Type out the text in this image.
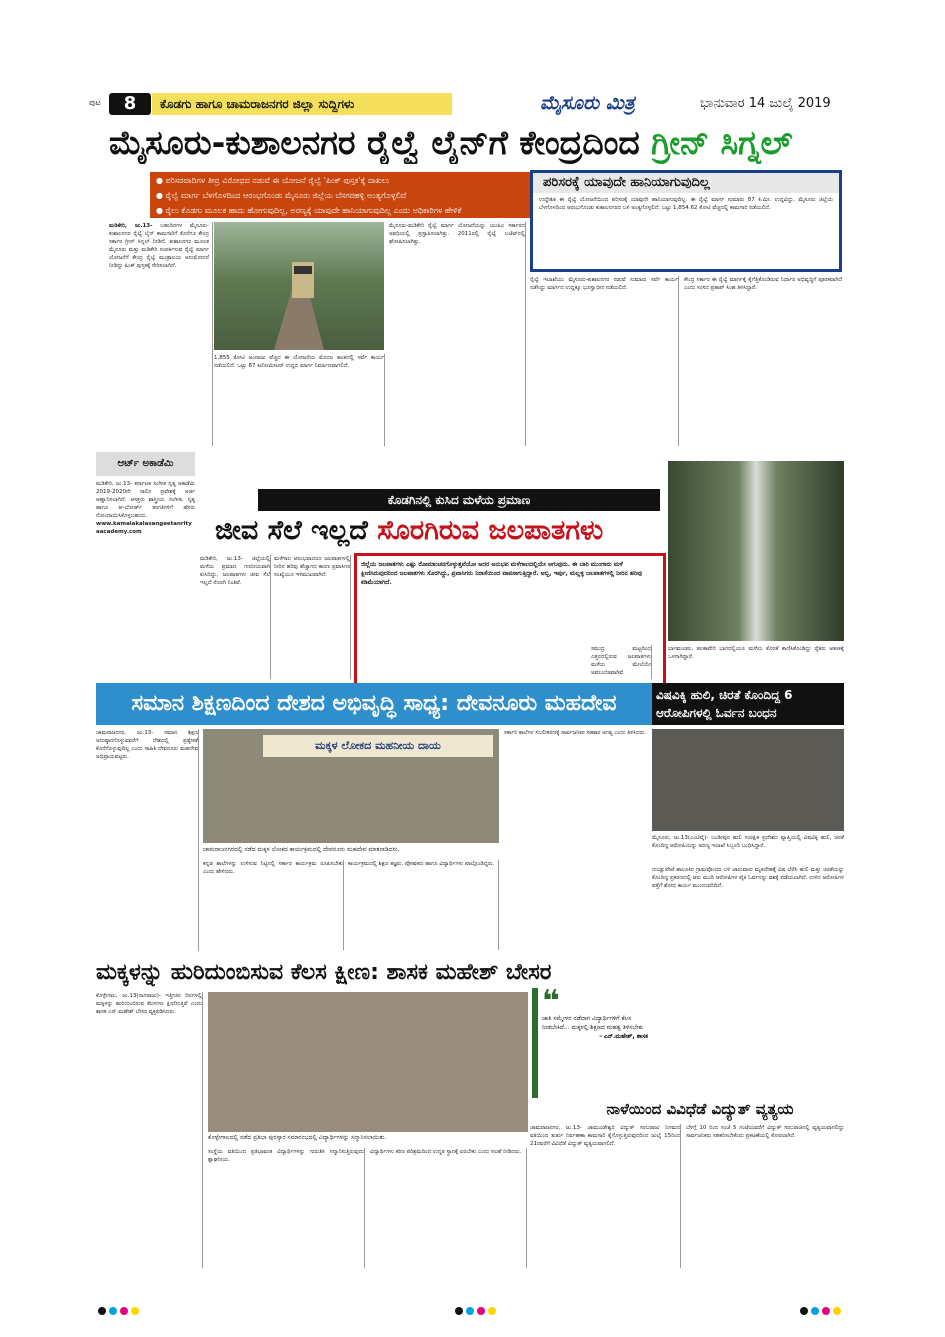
8
ಪುಟ	ಕೊಡಗು ಹಾಗೂ ಚಾಮರಾಜನಗರ ಜಿಲ್ಲಾ ಸುದ್ದಿಗಳು	ಮೈಸೂರು ಮಿತ್ರ	ಭಾನುವಾರ 14 ಜುಲೈ 2019
ಮೈಸೂರು-ಕುಶಾಲನಗರ ರೈಲ್ವೆ ಲೈನ್‌ಗೆ ಕೇಂದ್ರದಿಂದ ಗ್ರೀನ್ ಸಿಗ್ನಲ್
● ಪರಿಸರವಾದಿಗಳ ತೀವ್ರ ವಿರೋಧದ ನಡುವೆ ಈ ಯೋಜನೆ ರೈಲ್ವೆ 'ಪಿಂಕ್ ಪುಸ್ತಕ'ಕ್ಕೆ ದಾಖಲು
● ರೈಲ್ವೆ ಮಾರ್ಗ ಬೆಳಗೊಳದಿಂದ ಆರಂಭಗೊಂಡು ಮೈಸೂರು ಜಿಲ್ಲೆಯ ಬೆಸಗರಹಳ್ಳಿ ಅಂತ್ಯಗೊಳ್ಳಲಿದೆ
● ರೈಲು ಕೊಡಗು ಮೂಲಕ ಹಾದು ಹೋಗುವುದಿಲ್ಲ, ಅರಣ್ಯಕ್ಕೆ ಯಾವುದೇ ಹಾನಿಯಾಗುವುದಿಲ್ಲ ಎಂದು ಅಧಿಕಾರಿಗಳ ಹೇಳಿಕೆ
ಪರಿಸರಕ್ಕೆ ಯಾವುದೇ ಹಾನಿಯಾಗುವುದಿಲ್ಲ
ಉದ್ದೇಶಿತ ಈ ರೈಲ್ವೆ ಯೋಜನೆಯಿಂದ ಪರಿಸರಕ್ಕೆ ಯಾವುದೇ ಹಾನಿಯಾಗುವುದಿಲ್ಲ. ಈ ರೈಲ್ವೆ ಮಾರ್ಗ ಸುಮಾರು 87 ಕಿ.ಮೀ. ಉದ್ದವಿದ್ದು, ಮೈಸೂರು ಜಿಲ್ಲೆಯ ಬೆಳಗೊಳದಿಂದ ಆರಂಭಗೊಂಡು ಕುಶಾಲನಗರದ ಬಳಿ ಅಂತ್ಯಗೊಳ್ಳಲಿದೆ. ಒಟ್ಟು 1,854.62 ಕೋಟಿ ವೆಚ್ಚದಲ್ಲಿ ಕಾಮಗಾರಿ ನಡೆಯಲಿದೆ.
ಮಡಿಕೇರಿ, ಜು.13- ಬಹುದಿನಗಳ ಮೈಸೂರು-ಕುಶಾಲನಗರ ರೈಲ್ವೆ ಲೈನ್ ಕಾಮಗಾರಿಗೆ ಕೊನೆಗೂ ಕೇಂದ್ರ ಸರ್ಕಾರ ಗ್ರೀನ್ ಸಿಗ್ನಲ್ ನೀಡಿದೆ. ಕುಶಾಲನಗರ ಮೂಲಕ ಮೈಸೂರು ಮತ್ತು ಮಡಿಕೇರಿ ಸಂಪರ್ಕಿಸುವ ರೈಲ್ವೆ ಮಾರ್ಗ ಯೋಜನೆಗೆ ಕೇಂದ್ರ ರೈಲ್ವೆ ಮಂತ್ರಾಲಯ ಅನುಮೋದನೆ ನೀಡಿದ್ದು ಪಿಂಕ್ ಪುಸ್ತಕಕ್ಕೆ ಸೇರಿಸಲಾಗಿದೆ.
1,855 ಕೋಟಿ ಅಂದಾಜು ವೆಚ್ಚದ ಈ ಯೋಜನೆಯ ಮೊದಲ ಹಂತದಲ್ಲಿ ಸರ್ವೆ ಕಾರ್ಯ ನಡೆಯಲಿದೆ. ಒಟ್ಟು 87 ಕಿಲೋಮೀಟರ್ ಉದ್ದದ ಮಾರ್ಗ ನಿರ್ಮಾಣವಾಗಲಿದೆ.
ಮೈಸೂರು-ಮಡಿಕೇರಿ ರೈಲ್ವೆ ಮಾರ್ಗ ಯೋಜನೆಯನ್ನು ಯುಪಿಎ ಸರ್ಕಾರದ ಅವಧಿಯಲ್ಲಿ ಪ್ರಸ್ತಾಪಿಸಲಾಗಿತ್ತು. 2011ರಲ್ಲಿ ರೈಲ್ವೆ ಬಜೆಟ್‌ನಲ್ಲಿ ಘೋಷಿಸಲಾಗಿತ್ತು.
ರೈಲ್ವೆ ಇಲಾಖೆಯು ಮೈಸೂರು-ಕುಶಾಲನಗರ ನಡುವೆ ಸುಮಾರು ಸರ್ವೆ ಕಾರ್ಯ ನಡೆಸಿದ್ದು ಮಾರ್ಗದ ಉದ್ದಕ್ಕೂ ಭೂಸ್ವಾಧೀನ ನಡೆಯಲಿದೆ.
ಕೇಂದ್ರ ಸರ್ಕಾರ ಈ ರೈಲ್ವೆ ಮಾರ್ಗಕ್ಕೆ ಕೈಗೆತ್ತಿಕೊಂಡಿರುವ ನಿರ್ಧಾರ ಅಭಿವೃದ್ಧಿಗೆ ಪೂರಕವಾಗಿದೆ ಎಂದು ಸಂಸದ ಪ್ರತಾಪ್ ಸಿಂಹ ತಿಳಿಸಿದ್ದಾರೆ.
ಆರ್ಟ್ ಅಕಾಡೆಮಿ
ಮಡಿಕೇರಿ, ಜು.13- ಕರ್ನಾಟಕ ಸಂಗೀತ ನೃತ್ಯ ಅಕಾಡೆಮಿ 2019-2020ನೇ ಸಾಲಿನ ಪ್ರವೇಶಕ್ಕೆ ಅರ್ಜಿ ಆಹ್ವಾನಿಸಲಾಗಿದೆ. ಆಸಕ್ತರು ಶಾಸ್ತ್ರೀಯ ಸಂಗೀತ, ನೃತ್ಯ ಹಾಗೂ ಕೀ-ಬೋರ್ಡ್ ತರಗತಿಗಳಿಗೆ ಹೆಸರು ನೋಂದಾಯಿಸಿಕೊಳ್ಳಬಹುದು.
www.kamalakalasangeetanrityaacademy.com
ಕೊಡಗಿನಲ್ಲಿ ಕುಸಿದ ಮಳೆಯ ಪ್ರಮಾಣ
ಜೀವ ಸೆಲೆ ಇಲ್ಲದೆ ಸೊರಗಿರುವ ಜಲಪಾತಗಳು
ಜಿಲ್ಲೆಯ ಜಲಪಾತಗಳು ಎಷ್ಟು ರೋಮಾಂಚನಗೊಳ್ಳುತ್ತವೆಯೋ ಅದರ ಅನುಭವ ಮಳೆಗಾಲದಲ್ಲಿಯೇ ಆಗುವುದು. ಈ ಬಾರಿ ಮುಂಗಾರು ಮಳೆ ಕ್ಷೀಣಿಸಿರುವುದರಿಂದ ಜಲಪಾತಗಳು ಸೊರಗಿದ್ದು, ಪ್ರವಾಸಿಗರು ನಿರಾಸೆಯಿಂದ ವಾಪಸಾಗುತ್ತಿದ್ದಾರೆ. ಅಬ್ಬಿ, ಇರ್ಪು, ಮಲ್ಲಳ್ಳಿ ಜಲಪಾತಗಳಲ್ಲಿ ನೀರಿನ ಹರಿವು ಕಡಿಮೆಯಾಗಿದೆ.
ಮಡಿಕೇರಿ, ಜು.13- ಜಿಲ್ಲೆಯಲ್ಲಿ ಮಳೆಯ ಪ್ರಮಾಣ ಗಣನೀಯವಾಗಿ ಕುಸಿದಿದ್ದು, ಜಲಪಾತಗಳು ಜೀವ ಸೆಲೆ ಇಲ್ಲದೆ ಸೊರಗಿ ನಿಂತಿವೆ.
ಮಳೆಗಾಲ ಆರಂಭವಾದರೂ ಜಲಪಾತಗಳಲ್ಲಿ ನೀರಿನ ಹರಿವು ಹೆಚ್ಚಾಗದ ಕಾರಣ ಪ್ರವಾಸಿಗರ ಸಂಖ್ಯೆಯೂ ಇಳಿಮುಖವಾಗಿದೆ.
ಸಮುದ್ರ ಮಟ್ಟದಿಂದ ಎತ್ತರದಲ್ಲಿರುವ ಜಲಪಾತಗಳು ಮಳೆಯ ಮೇಲೆಯೇ ಅವಲಂಬಿತವಾಗಿವೆ.
ಭಾಗಮಂಡಲ, ತಲಕಾವೇರಿ ಭಾಗದಲ್ಲಿಯೂ ಮಳೆಯ ಕೊರತೆ ಕಾಣಿಸಿಕೊಂಡಿದ್ದು ರೈತರು ಆತಂಕಕ್ಕೆ ಒಳಗಾಗಿದ್ದಾರೆ.
ಸಮಾನ ಶಿಕ್ಷಣದಿಂದ ದೇಶದ ಅಭಿವೃದ್ಧಿ ಸಾಧ್ಯ: ದೇವನೂರು ಮಹದೇವ
ಚಾಮರಾಜನಗರ, ಜು.13- ಸಮಾನ ಶಿಕ್ಷಣ ಅನುಷ್ಠಾನಗೊಳ್ಳುವವರೆಗೆ ದೇಶದಲ್ಲಿ ಪ್ರತ್ಯೇಕತೆ ಕೊನೆಗೊಳ್ಳುವುದಿಲ್ಲ ಎಂದು ಸಾಹಿತಿ ದೇವನೂರು ಮಹದೇವ ಅಭಿಪ್ರಾಯಪಟ್ಟರು.
ಮಕ್ಕಳ ಲೋಕದ ಮಹನೀಯ ದಾಯ
ಚಾಮರಾಜನಗರದಲ್ಲಿ ನಡೆದ ಮಕ್ಕಳ ಲೋಕದ ಕಾರ್ಯಕ್ರಮದಲ್ಲಿ ದೇವನೂರು ಮಹದೇವ ಮಾತನಾಡಿದರು.
ಕನ್ನಡ ಶಾಲೆಗಳನ್ನು ಉಳಿಸುವ ನಿಟ್ಟಿನಲ್ಲಿ ಸರ್ಕಾರ ಕಾರ್ಯಕ್ರಮ ರೂಪಿಸಬೇಕು ಎಂದು ಹೇಳಿದರು.
ಕಾರ್ಯಕ್ರಮದಲ್ಲಿ ಶಿಕ್ಷಣ ತಜ್ಞರು, ಪೋಷಕರು ಹಾಗೂ ವಿದ್ಯಾರ್ಥಿಗಳು ಪಾಲ್ಗೊಂಡಿದ್ದರು.
ಸರ್ಕಾರಿ ಶಾಲೆಗಳ ಸಬಲೀಕರಣಕ್ಕೆ ಸಾರ್ವಜನಿಕರ ಸಹಕಾರ ಅಗತ್ಯ ಎಂದು ತಿಳಿಸಿದರು.
ವಿಷವಿಕ್ಕಿ ಹುಲಿ, ಚಿರತೆ ಕೊಂದಿದ್ದ 6 ಆರೋಪಿಗಳಲ್ಲಿ ಓರ್ವನ ಬಂಧನ
ಮೈಸೂರು, ಜು.13(ಎಂಟಿವೈ)- ಬಂಡೀಪುರ ಹುಲಿ ಸಂರಕ್ಷಿತ ಪ್ರದೇಶದ ವ್ಯಾಪ್ತಿಯಲ್ಲಿ ವಿಷವಿಕ್ಕಿ ಹುಲಿ, ಚಿರತೆ ಕೊಂದಿದ್ದ ಆರೋಪಿಯನ್ನು ಅರಣ್ಯ ಇಲಾಖೆ ಸಿಬ್ಬಂದಿ ಬಂಧಿಸಿದ್ದಾರೆ.
ಗುಂಡ್ಲುಪೇಟೆ ತಾಲೂಕಿನ ಗ್ರಾಮವೊಂದರ ಬಳಿ ಜಾನುವಾರು ಮೃತದೇಹಕ್ಕೆ ವಿಷ ಬೆರೆಸಿ ಹುಲಿ ಮತ್ತು ಚಿರತೆಯನ್ನು ಕೊಂದಿದ್ದ ಪ್ರಕರಣದಲ್ಲಿ ಆರು ಮಂದಿ ಆರೋಪಿಗಳ ಪೈಕಿ ಓರ್ವನನ್ನು ವಶಕ್ಕೆ ಪಡೆಯಲಾಗಿದೆ. ಉಳಿದ ಆರೋಪಿಗಳ ಪತ್ತೆಗೆ ಶೋಧ ಕಾರ್ಯ ಮುಂದುವರಿದಿದೆ.
ಮಕ್ಕಳನ್ನು ಹುರಿದುಂಬಿಸುವ ಕೆಲಸ ಕ್ಷೀಣ: ಶಾಸಕ ಮಹೇಶ್ ಬೇಸರ
ಕೊಳ್ಳೇಗಾಲ, ಜು.13(ನಾಗರಾಜು)- ಇತ್ತೀಚಿನ ದಿನಗಳಲ್ಲಿ ಮಕ್ಕಳನ್ನು ಹುರಿದುಂಬಿಸುವ ಕೆಲಸಗಳು ಕ್ಷೀಣಿಸುತ್ತಿವೆ ಎಂದು ಶಾಸಕ ಎನ್.ಮಹೇಶ್ ಬೇಸರ ವ್ಯಕ್ತಪಡಿಸಿದರು.
ಕೊಳ್ಳೇಗಾಲದಲ್ಲಿ ನಡೆದ ಪ್ರತಿಭಾ ಪುರಸ್ಕಾರ ಸಮಾರಂಭದಲ್ಲಿ ವಿದ್ಯಾರ್ಥಿಗಳನ್ನು ಸನ್ಮಾನಿಸಲಾಯಿತು.
ಸಂಸ್ಥೆಯ ವತಿಯಿಂದ ಪ್ರತಿಭಾವಂತ ವಿದ್ಯಾರ್ಥಿಗಳನ್ನು ಗುರುತಿಸಿ ಸನ್ಮಾನಿಸುತ್ತಿರುವುದು ಶ್ಲಾಘನೀಯ.
ವಿದ್ಯಾರ್ಥಿಗಳು ಕಠಿಣ ಪರಿಶ್ರಮದಿಂದ ಉನ್ನತ ಸ್ಥಾನಕ್ಕೆ ಏರಬೇಕು ಎಂದು ಸಲಹೆ ನೀಡಿದರು.
❝
ಜಾತಿ ಸಮ್ಮೇಳನ ನಡೆದಾಗ ವಿದ್ಯಾರ್ಥಿಗಳಿಗೆ ಕೆಲಸ ನೀಡಬೇಕಿದೆ... ಮಕ್ಕಳಲ್ಲಿ ಶಿಕ್ಷಣದ ಮಹತ್ವ ತಿಳಿಸಬೇಕು
- ಎನ್.ಮಹೇಶ್, ಶಾಸಕ
ನಾಳೆಯಿಂದ ವಿವಿಧೆಡೆ ವಿದ್ಯುತ್ ವ್ಯತ್ಯಯ
ಚಾಮರಾಜನಗರ, ಜು.13- ಚಾಮುಂಡೇಶ್ವರಿ ವಿದ್ಯುತ್ ಸರಬರಾಜು ನಿಗಮದ ವತಿಯಿಂದ ತುರ್ತು ನಿರ್ವಹಣಾ ಕಾಮಗಾರಿ ಕೈಗೊಳ್ಳುತ್ತಿರುವುದರಿಂದ ಜುಲೈ 15ರಿಂದ 21ರವರೆಗೆ ವಿವಿಧೆಡೆ ವಿದ್ಯುತ್ ವ್ಯತ್ಯಯವಾಗಲಿದೆ.
ಬೆಳಿಗ್ಗೆ 10 ರಿಂದ ಸಂಜೆ 5 ಗಂಟೆಯವರೆಗೆ ವಿದ್ಯುತ್ ಸರಬರಾಜಿನಲ್ಲಿ ವ್ಯತ್ಯಯವಾಗಲಿದ್ದು ಸಾರ್ವಜನಿಕರು ಸಹಕರಿಸಬೇಕೆಂದು ಪ್ರಕಟಣೆಯಲ್ಲಿ ಕೋರಲಾಗಿದೆ.
